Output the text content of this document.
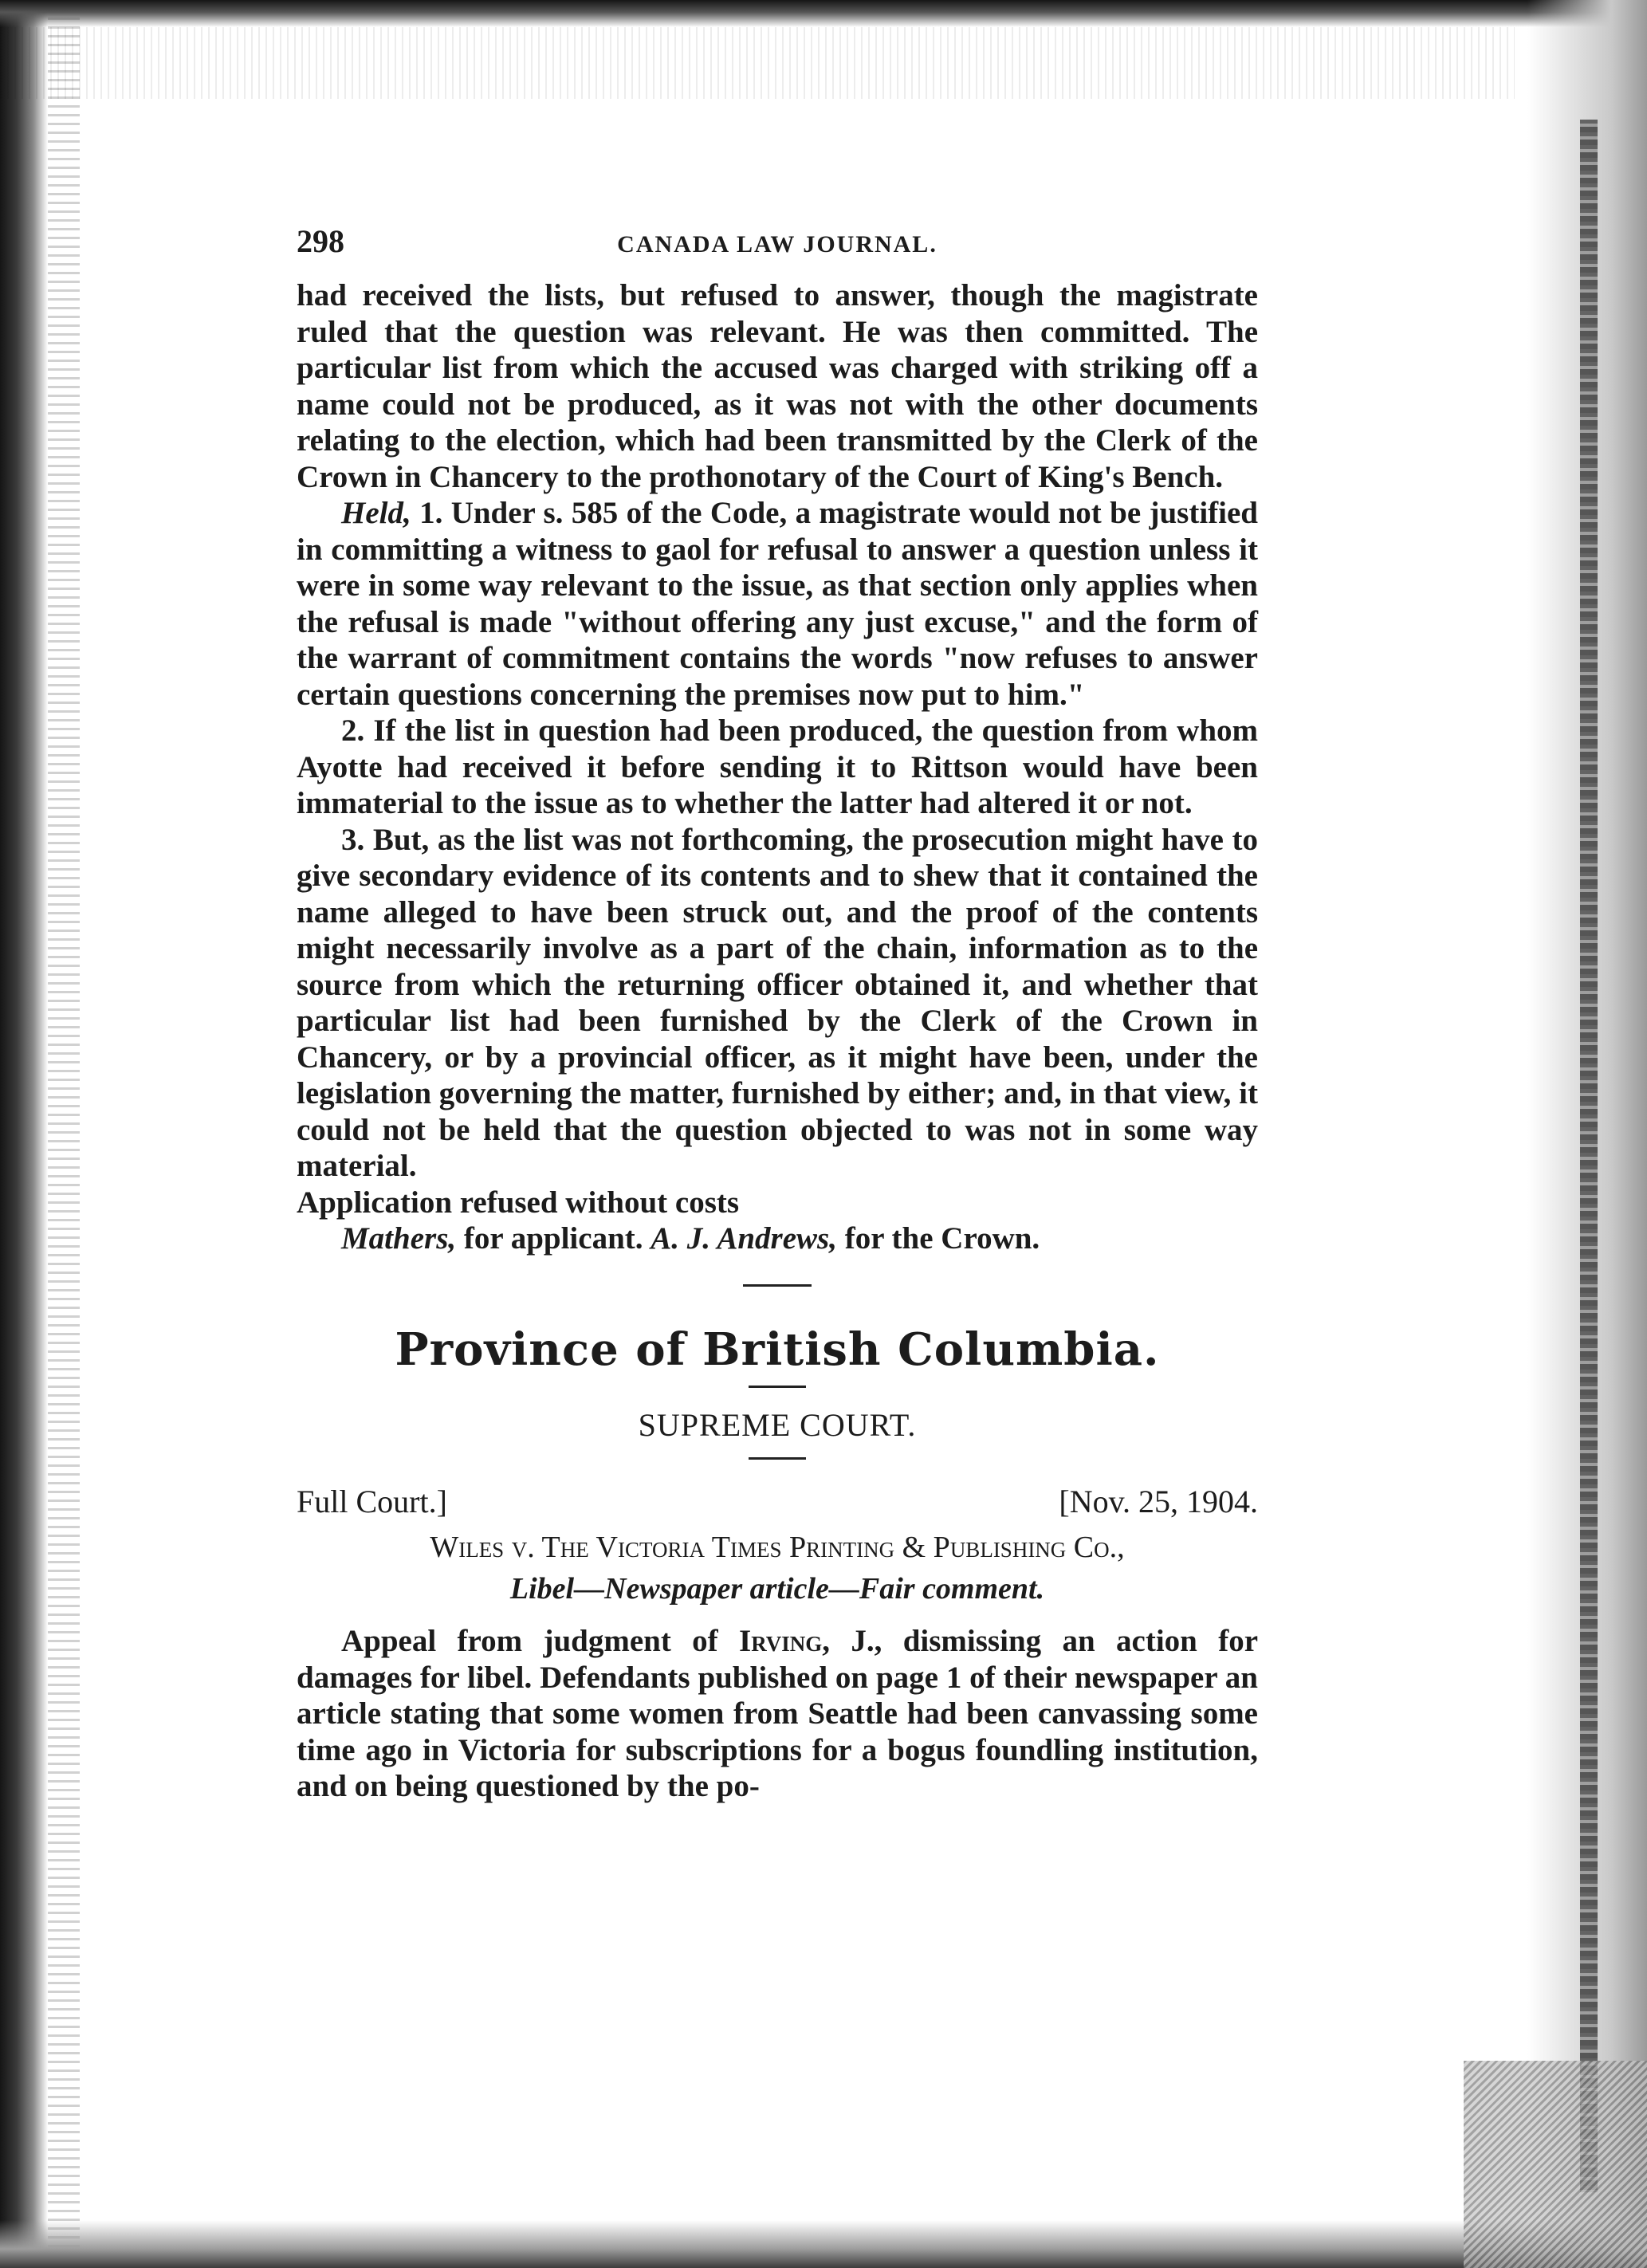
298	CANADA LAW JOURNAL.

had received the lists, but refused to answer, though the magistrate ruled that the question was relevant. He was then committed. The particular list from which the accused was charged with striking off a name could not be produced, as it was not with the other documents relating to the election, which had been transmitted by the Clerk of the Crown in Chancery to the prothonotary of the Court of King's Bench.

Held, 1. Under s. 585 of the Code, a magistrate would not be justified in committing a witness to gaol for refusal to answer a question unless it were in some way relevant to the issue, as that section only applies when the refusal is made "without offering any just excuse," and the form of the warrant of commitment contains the words "now refuses to answer certain questions concerning the premises now put to him."

2. If the list in question had been produced, the question from whom Ayotte had received it before sending it to Rittson would have been immaterial to the issue as to whether the latter had altered it or not.

3. But, as the list was not forthcoming, the prosecution might have to give secondary evidence of its contents and to shew that it contained the name alleged to have been struck out, and the proof of the contents might necessarily involve as a part of the chain, information as to the source from which the returning officer obtained it, and whether that particular list had been furnished by the Clerk of the Crown in Chancery, or by a provincial officer, as it might have been, under the legislation governing the matter, furnished by either; and, in that view, it could not be held that the question objected to was not in some way material.

Application refused without costs

Mathers, for applicant. A. J. Andrews, for the Crown.

Province of British Columbia.
SUPREME COURT.
Full Court.]	[Nov. 25, 1904.
Wiles v. The Victoria Times Printing & Publishing Co.,
Libel—Newspaper article—Fair comment.

Appeal from judgment of Irving, J., dismissing an action for damages for libel. Defendants published on page 1 of their newspaper an article stating that some women from Seattle had been canvassing some time ago in Victoria for subscriptions for a bogus foundling institution, and on being questioned by the po-
